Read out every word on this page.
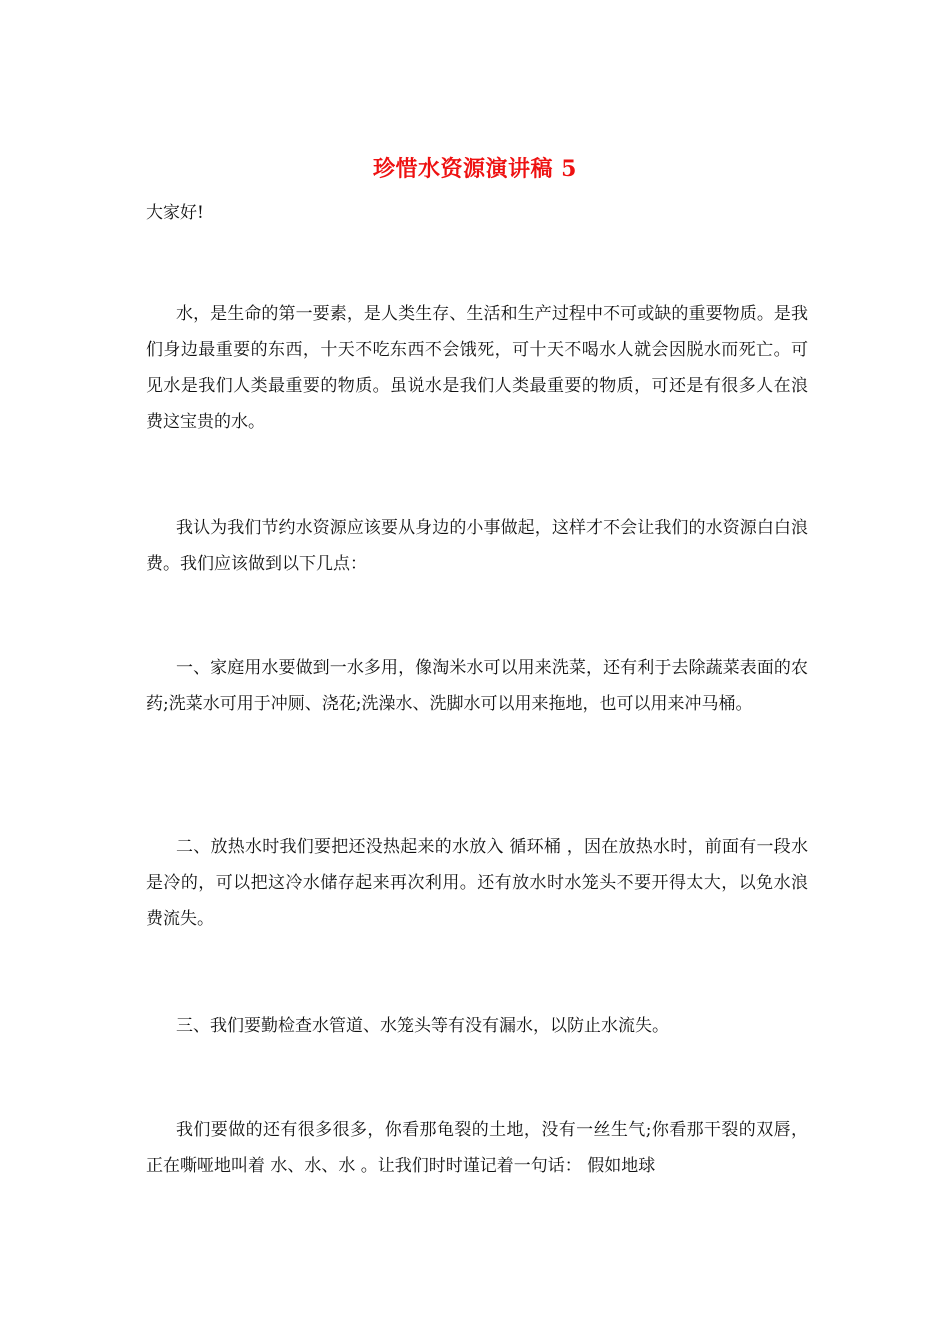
珍惜水资源演讲稿 5
大家好!

水，是生命的第一要素，是人类生存、生活和生产过程中不可或缺的重要物质。是我们身边最重要的东西，十天不吃东西不会饿死，可十天不喝水人就会因脱水而死亡。可见水是我们人类最重要的物质。虽说水是我们人类最重要的物质，可还是有很多人在浪费这宝贵的水。

我认为我们节约水资源应该要从身边的小事做起，这样才不会让我们的水资源白白浪费。我们应该做到以下几点：

一、家庭用水要做到一水多用，像淘米水可以用来洗菜，还有利于去除蔬菜表面的农药;洗菜水可用于冲厕、浇花;洗澡水、洗脚水可以用来拖地，也可以用来冲马桶。

二、放热水时我们要把还没热起来的水放入 循环桶 ，因在放热水时，前面有一段水是冷的，可以把这冷水储存起来再次利用。还有放水时水笼头不要开得太大，以免水浪费流失。

三、我们要勤检查水管道、水笼头等有没有漏水，以防止水流失。

我们要做的还有很多很多，你看那龟裂的土地，没有一丝生气;你看那干裂的双唇，正在嘶哑地叫着 水、水、水 。让我们时时谨记着一句话： 假如地球
